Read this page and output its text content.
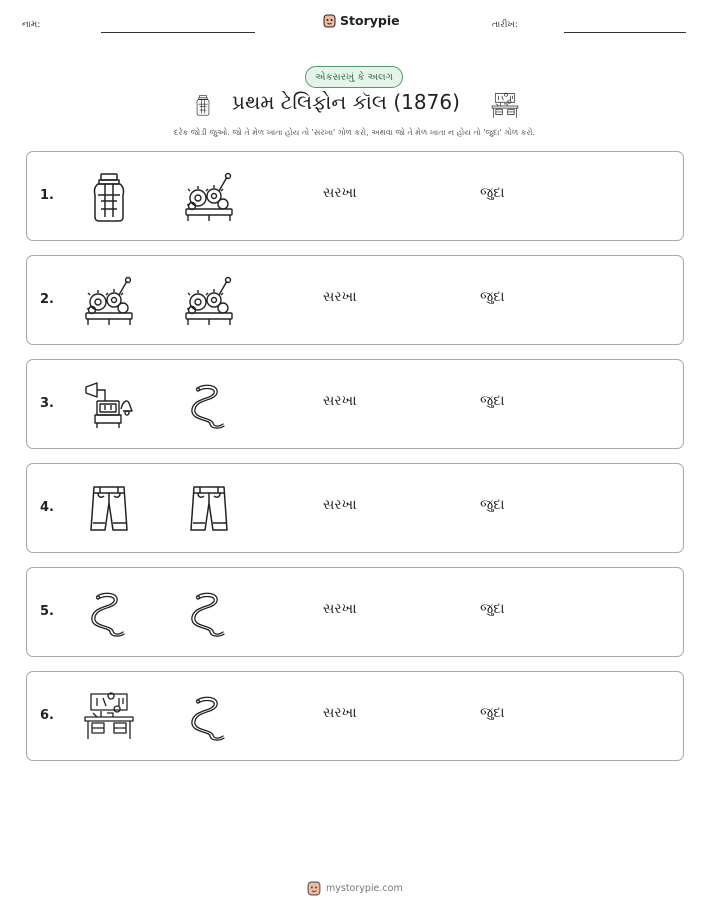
નામ:	Storypie	તારીખ:
એકસરખું કે અલગ
પ્રથમ ટેલિફોન કૉલ (1876)
દરેક જોડી જુઓ. જો તે મેળ ખાતા હોય તો 'સરખા' ગોળ કરો, અથવા જો તે મેળ ખાતા ન હોય તો 'જુદા' ગોળ કરો.
1.	સરખા	જુદા
2.	સરખા	જુદા
3.	સરખા	જુદા
4.	સરખા	જુદા
5.	સરખા	જુદા
6.	સરખા	જુદા
mystorypie.com
